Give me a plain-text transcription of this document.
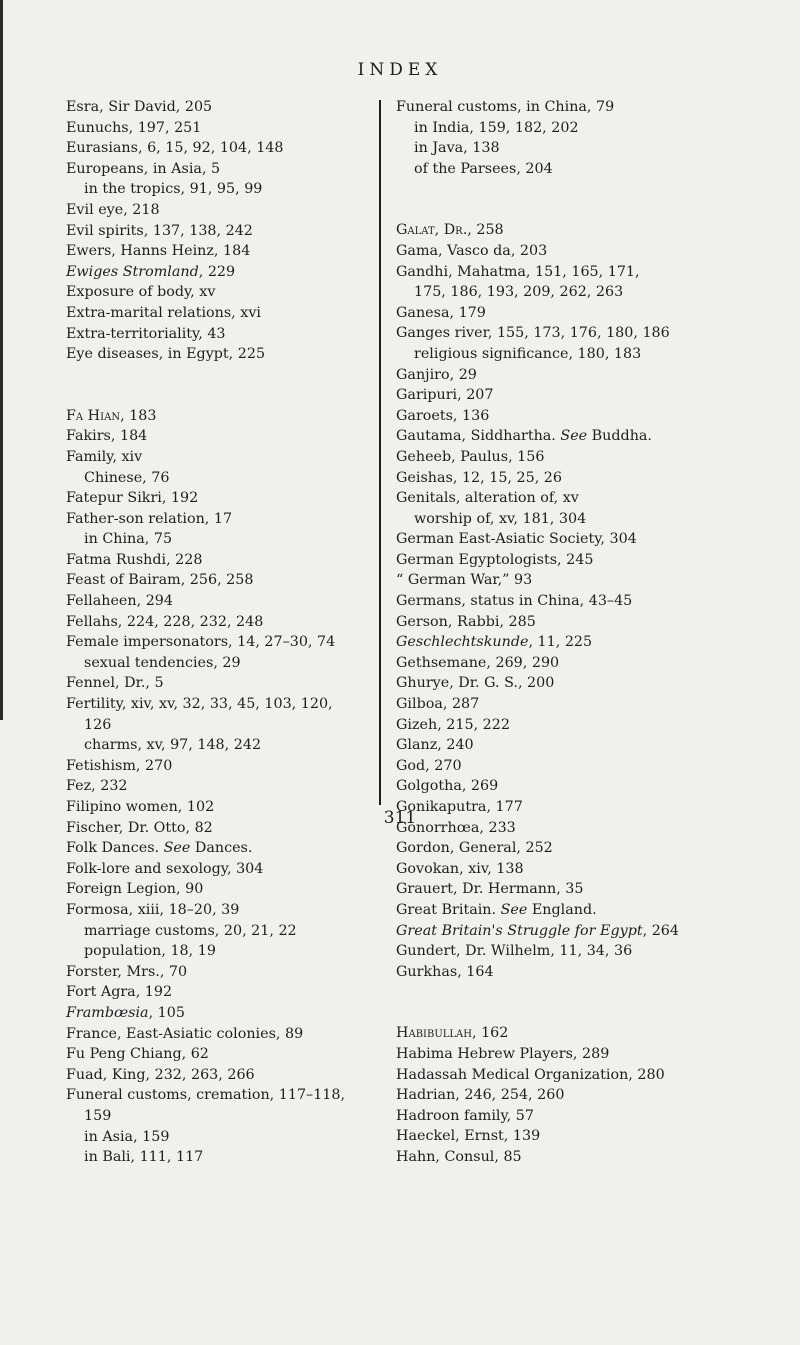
INDEX
Esra, Sir David, 205
Eunuchs, 197, 251
Eurasians, 6, 15, 92, 104, 148
Europeans, in Asia, 5
in the tropics, 91, 95, 99
Evil eye, 218
Evil spirits, 137, 138, 242
Ewers, Hanns Heinz, 184
Ewiges Stromland, 229
Exposure of body, xv
Extra-marital relations, xvi
Extra-territoriality, 43
Eye diseases, in Egypt, 225
Fa Hian, 183
Fakirs, 184
Family, xiv
Chinese, 76
Fatepur Sikri, 192
Father-son relation, 17
in China, 75
Fatma Rushdi, 228
Feast of Bairam, 256, 258
Fellaheen, 294
Fellahs, 224, 228, 232, 248
Female impersonators, 14, 27–30, 74
sexual tendencies, 29
Fennel, Dr., 5
Fertility, xiv, xv, 32, 33, 45, 103, 120,
126
charms, xv, 97, 148, 242
Fetishism, 270
Fez, 232
Filipino women, 102
Fischer, Dr. Otto, 82
Folk Dances. See Dances.
Folk-lore and sexology, 304
Foreign Legion, 90
Formosa, xiii, 18–20, 39
marriage customs, 20, 21, 22
population, 18, 19
Forster, Mrs., 70
Fort Agra, 192
Frambœsia, 105
France, East-Asiatic colonies, 89
Fu Peng Chiang, 62
Fuad, King, 232, 263, 266
Funeral customs, cremation, 117–118,
159
in Asia, 159
in Bali, 111, 117
Funeral customs, in China, 79
in India, 159, 182, 202
in Java, 138
of the Parsees, 204
Galat, Dr., 258
Gama, Vasco da, 203
Gandhi, Mahatma, 151, 165, 171,
175, 186, 193, 209, 262, 263
Ganesa, 179
Ganges river, 155, 173, 176, 180, 186
religious significance, 180, 183
Ganjiro, 29
Garipuri, 207
Garoets, 136
Gautama, Siddhartha. See Buddha.
Geheeb, Paulus, 156
Geishas, 12, 15, 25, 26
Genitals, alteration of, xv
worship of, xv, 181, 304
German East-Asiatic Society, 304
German Egyptologists, 245
“ German War,” 93
Germans, status in China, 43–45
Gerson, Rabbi, 285
Geschlechtskunde, 11, 225
Gethsemane, 269, 290
Ghurye, Dr. G. S., 200
Gilboa, 287
Gizeh, 215, 222
Glanz, 240
God, 270
Golgotha, 269
Gonikaputra, 177
Gonorrhœa, 233
Gordon, General, 252
Govokan, xiv, 138
Grauert, Dr. Hermann, 35
Great Britain. See England.
Great Britain's Struggle for Egypt, 264
Gundert, Dr. Wilhelm, 11, 34, 36
Gurkhas, 164
Habibullah, 162
Habima Hebrew Players, 289
Hadassah Medical Organization, 280
Hadrian, 246, 254, 260
Hadroon family, 57
Haeckel, Ernst, 139
Hahn, Consul, 85
311
